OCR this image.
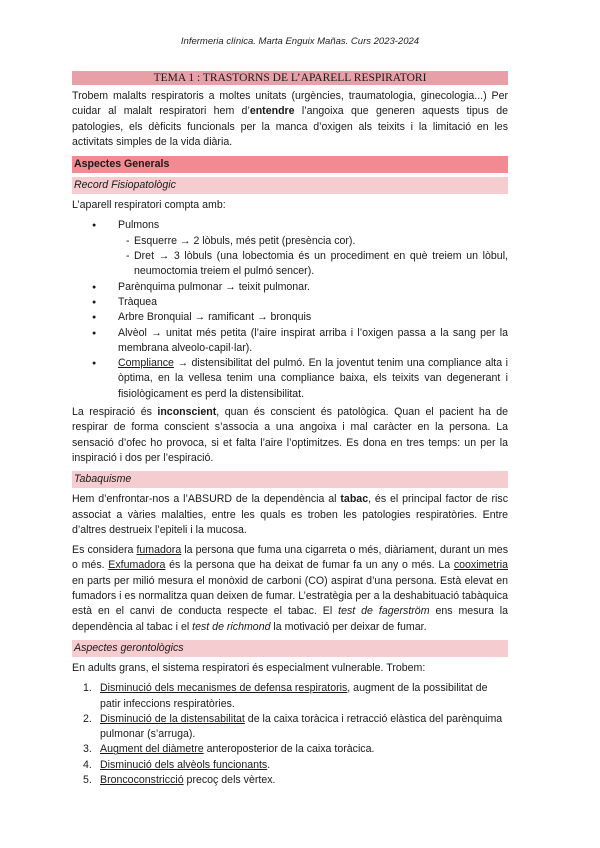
Infermeria clínica. Marta Enguix Mañas. Curs 2023-2024
TEMA 1 : TRASTORNS DE L’APARELL RESPIRATORI

Trobem malalts respiratoris a moltes unitats (urgències, traumatologia, ginecologia...) Per cuidar al malalt respiratori hem d’entendre l’angoixa que generen aquests tipus de patologies, els dèficits funcionals per la manca d’oxigen als teixits i la limitació en les activitats simples de la vida diària.

Aspectes Generals
Record Fisiopatològic

L’aparell respiratori compta amb:

● Pulmons
- Esquerre → 2 lòbuls, més petit (presència cor).
- Dret → 3 lòbuls (una lobectomia és un procediment en què treiem un lòbul, neumoctomia treiem el pulmó sencer).
● Parènquima pulmonar → teixit pulmonar.
● Tràquea
● Arbre Bronquial → ramificant → bronquis
● Alvèol → unitat més petita (l’aire inspirat arriba i l’oxigen passa a la sang per la membrana alveolo-capil·lar).
● Compliance → distensibilitat del pulmó. En la joventut tenim una compliance alta i òptima, en la vellesa tenim una compliance baixa, els teixits van degenerant i fisiològicament es perd la distensibilitat.

La respiració és inconscient, quan és conscient és patològica. Quan el pacient ha de respirar de forma conscient s’associa a una angoixa i mal caràcter en la persona. La sensació d’ofec ho provoca, si et falta l’aire l’optimitzes. Es dona en tres temps: un per la inspiració i dos per l’espiració.

Tabaquisme

Hem d’enfrontar-nos a l’ABSURD de la dependència al tabac, és el principal factor de risc associat a vàries malalties, entre les quals es troben les patologies respiratòries. Entre d’altres destrueix l’epiteli i la mucosa.

Es considera fumadora la persona que fuma una cigarreta o més, diàriament, durant un mes o més. Exfumadora és la persona que ha deixat de fumar fa un any o més. La cooximetria en parts per milió mesura el monòxid de carboni (CO) aspirat d’una persona. Està elevat en fumadors i es normalitza quan deixen de fumar. L’estratègia per a la deshabituació tabàquica està en el canvi de conducta respecte el tabac. El test de fagerström ens mesura la dependència al tabac i el test de richmond la motivació per deixar de fumar.

Aspectes gerontològics

En adults grans, el sistema respiratori és especialment vulnerable. Trobem:

1. Disminució dels mecanismes de defensa respiratoris, augment de la possibilitat de patir infeccions respiratòries.
2. Disminució de la distensabilitat de la caixa toràcica i retracció elàstica del parènquima pulmonar (s’arruga).
3. Augment del diàmetre anteroposterior de la caixa toràcica.
4. Disminució dels alvèols funcionants.
5. Broncoconstricció precoç dels vèrtex.
